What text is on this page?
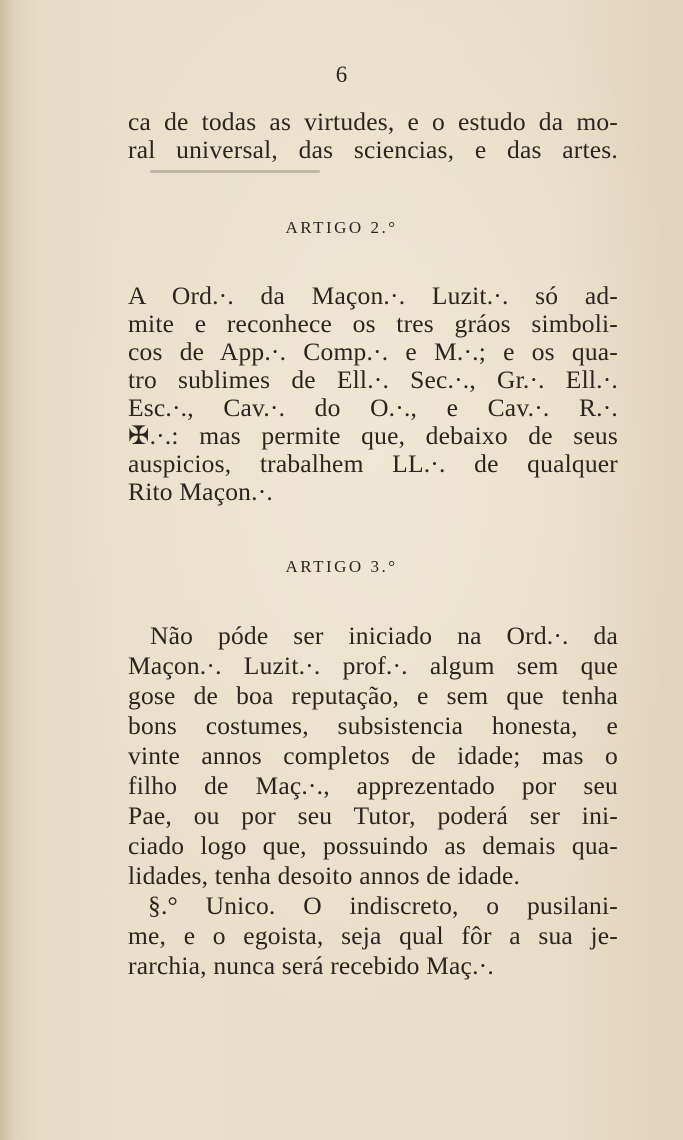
6
ca de todas as virtudes, e o estudo da mo-
ral universal, das sciencias, e das artes.
ARTIGO 2.°
A Ord.·. da Maçon.·. Luzit.·. só ad-
mite e reconhece os tres gráos simboli-
cos de App.·. Comp.·. e M.·.; e os qua-
tro sublimes de Ell.·. Sec.·., Gr.·. Ell.·.
Esc.·., Cav.·. do O.·., e Cav.·. R.·.
✠.·.: mas permite que, debaixo de seus
auspicios, trabalhem LL.·. de qualquer
Rito Maçon.·.
ARTIGO 3.°
Não póde ser iniciado na Ord.·. da
Maçon.·. Luzit.·. prof.·. algum sem que
gose de boa reputação, e sem que tenha
bons costumes, subsistencia honesta, e
vinte annos completos de idade; mas o
filho de Maç.·., apprezentado por seu
Pae, ou por seu Tutor, poderá ser ini-
ciado logo que, possuindo as demais qua-
lidades, tenha desoito annos de idade.
§.° Unico. O indiscreto, o pusilani-
me, e o egoista, seja qual fôr a sua je-
rarchia, nunca será recebido Maç.·.
